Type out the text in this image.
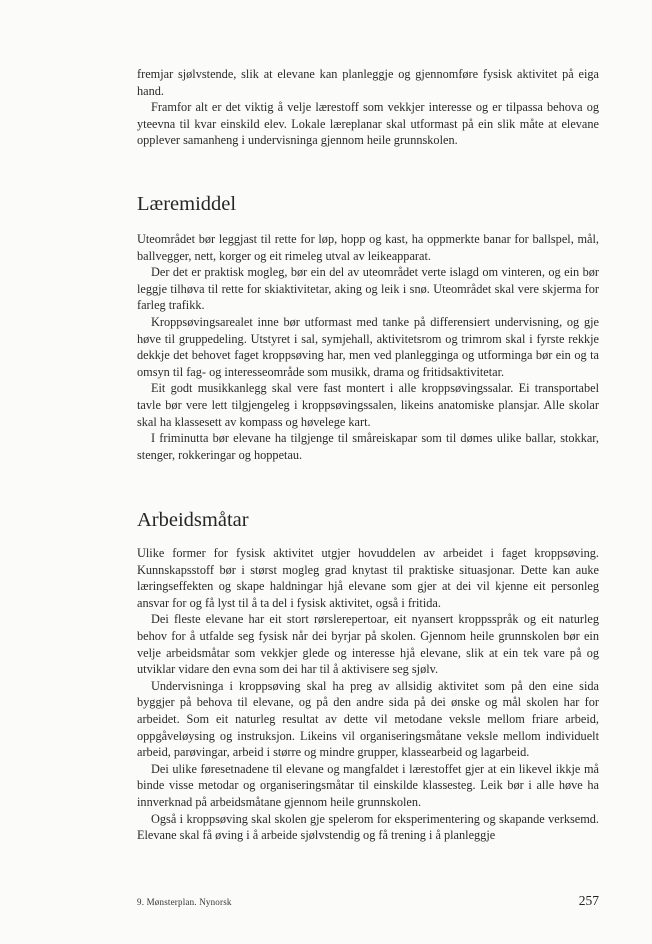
fremjar sjølvstende, slik at elevane kan planleggje og gjennomføre fysisk aktivitet på eiga hand.

Framfor alt er det viktig å velje lærestoff som vekkjer interesse og er tilpassa behova og yteevna til kvar einskild elev. Lokale læreplanar skal utformast på ein slik måte at elevane opplever samanheng i undervisninga gjennom heile grunnskolen.

Læremiddel

Uteområdet bør leggjast til rette for løp, hopp og kast, ha oppmerkte banar for ballspel, mål, ballvegger, nett, korger og eit rimeleg utval av leikeapparat.

Der det er praktisk mogleg, bør ein del av uteområdet verte islagd om vinteren, og ein bør leggje tilhøva til rette for skiaktivitetar, aking og leik i snø. Uteområdet skal vere skjerma for farleg trafikk.

Kroppsøvingsarealet inne bør utformast med tanke på differensiert undervisning, og gje høve til gruppedeling. Utstyret i sal, symjehall, aktivitetsrom og trimrom skal i fyrste rekkje dekkje det behovet faget kroppsøving har, men ved planlegginga og utforminga bør ein og ta omsyn til fag- og interesseområde som musikk, drama og fritidsaktivitetar.

Eit godt musikkanlegg skal vere fast montert i alle kroppsøvingssalar. Ei transportabel tavle bør vere lett tilgjengeleg i kroppsøvingssalen, likeins anatomiske plansjar. Alle skolar skal ha klassesett av kompass og høvelege kart.

I friminutta bør elevane ha tilgjenge til småreiskapar som til dømes ulike ballar, stokkar, stenger, rokkeringar og hoppetau.

Arbeidsmåtar

Ulike former for fysisk aktivitet utgjer hovuddelen av arbeidet i faget kroppsøving. Kunnskapsstoff bør i størst mogleg grad knytast til praktiske situasjonar. Dette kan auke læringseffekten og skape haldningar hjå elevane som gjer at dei vil kjenne eit personleg ansvar for og få lyst til å ta del i fysisk aktivitet, også i fritida.

Dei fleste elevane har eit stort rørslerepertoar, eit nyansert kroppsspråk og eit naturleg behov for å utfalde seg fysisk når dei byrjar på skolen. Gjennom heile grunnskolen bør ein velje arbeidsmåtar som vekkjer glede og interesse hjå elevane, slik at ein tek vare på og utviklar vidare den evna som dei har til å aktivisere seg sjølv.

Undervisninga i kroppsøving skal ha preg av allsidig aktivitet som på den eine sida byggjer på behova til elevane, og på den andre sida på dei ønske og mål skolen har for arbeidet. Som eit naturleg resultat av dette vil metodane veksle mellom friare arbeid, oppgåveløysing og instruksjon. Likeins vil organiseringsmåtane veksle mellom individuelt arbeid, parøvingar, arbeid i større og mindre grupper, klassearbeid og lagarbeid.

Dei ulike føresetnadene til elevane og mangfaldet i lærestoffet gjer at ein likevel ikkje må binde visse metodar og organiseringsmåtar til einskilde klassesteg. Leik bør i alle høve ha innverknad på arbeidsmåtane gjennom heile grunnskolen.

Også i kroppsøving skal skolen gje spelerom for eksperimentering og skapande verksemd. Elevane skal få øving i å arbeide sjølvstendig og få trening i å planleggje

9. Mønsterplan. Nynorsk	257
